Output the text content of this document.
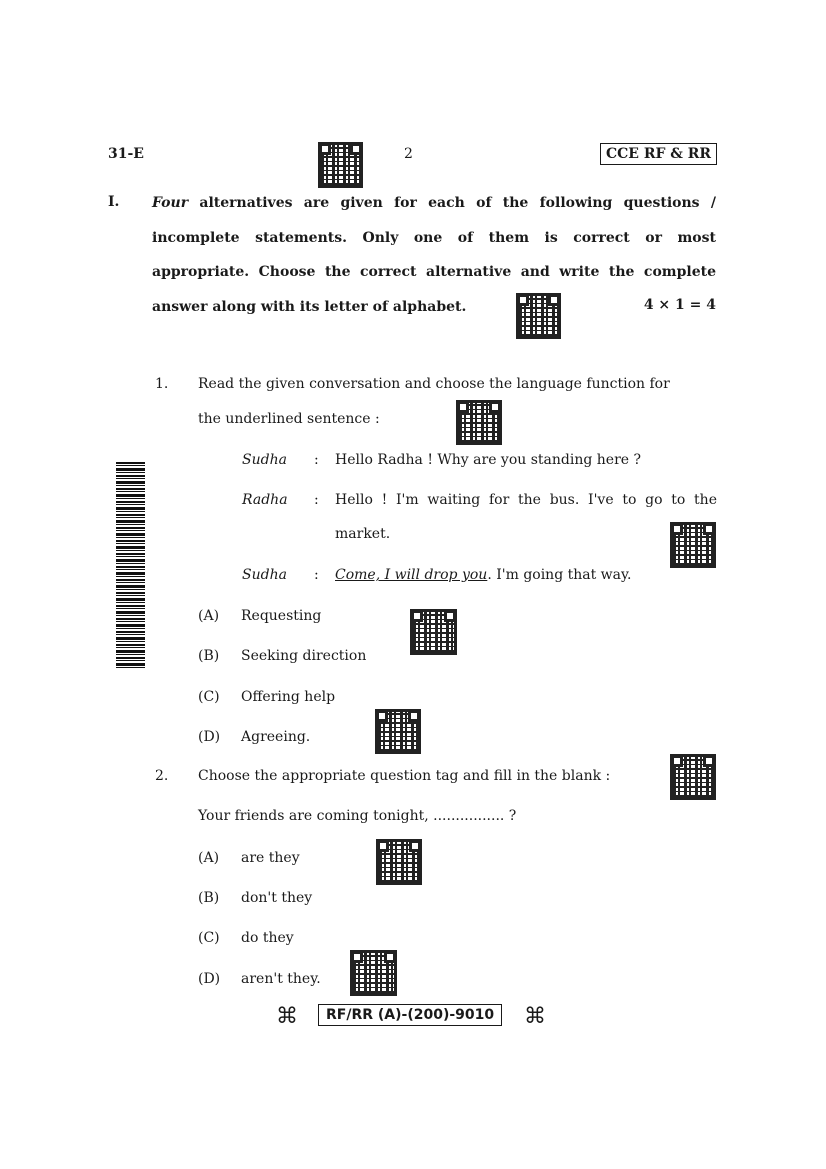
31-E	2	CCE RF & RR
I. Four alternatives are given for each of the following questions /
incomplete statements. Only one of them is correct or most
appropriate. Choose the correct alternative and write the complete
answer along with its letter of alphabet.	4 × 1 = 4
1. Read the given conversation and choose the language function for
the underlined sentence :
Sudha : Hello Radha ! Why are you standing here ?
Radha : Hello ! I'm waiting for the bus. I've to go to the
market.
Sudha : Come, I will drop you. I'm going that way.
(A) Requesting
(B) Seeking direction
(C) Offering help
(D) Agreeing.
2. Choose the appropriate question tag and fill in the blank :
Your friends are coming tonight, ................ ?
(A) are they
(B) don't they
(C) do they
(D) aren't they.
⌘	RF/RR (A)-(200)-9010	⌘
